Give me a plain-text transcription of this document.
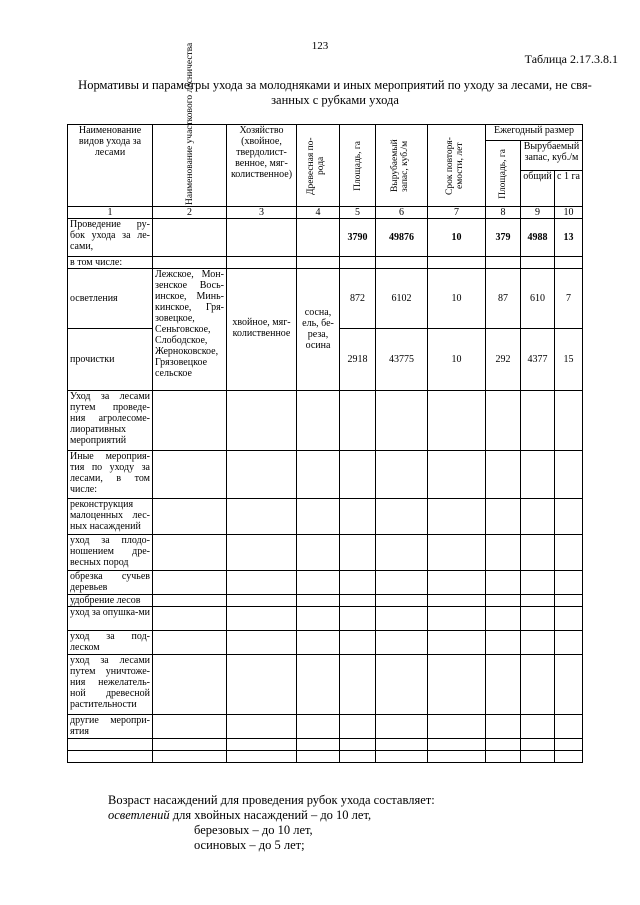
123
Таблица 2.17.3.8.1
Нормативы и параметры ухода за молодняками и иных мероприятий по уходу за лесами, не свя-
занных с рубками ухода
Наименование видов ухода за лесами	Наименование участкового лесничества	Хозяйство (хвойное, твердолист-венное, мяг-колиственное)	Древесная по-рода	Площадь, га	Вырубаемый запас, куб./м	Срок повторя-емости, лет	Ежегодный размер		

							Площадь, га	Вырубаемый запас, куб./м	
								общий	с 1 га
1	2	3	4	5	6	7	8	9	10
Проведение ру-бок ухода за ле-сами,				3790	49876	10	379	4988	13
в том числе:									
осветления	Лежское, Мон-зенское Вось-инское, Минь-кинское, Гря-зовецкое, Сеньговское, Слободское, Жерноковское, Грязовецкое сельское	хвойное, мяг-колиственное	сосна, ель, бе-реза, осина	872	6102	10	87	610	7
прочистки				2918	43775	10	292	4377	15
Уход за лесами путем проведе-ния агролесоме-лиоративных мероприятий									
Иные мероприя-тия по уходу за лесами, в том числе:									
реконструкция малоценных лес-ных насаждений									
уход за плодо-ношением дре-весных пород									
обрезка сучьев деревьев									
удобрение лесов									
уход за опушка-ми									
уход за под-леском									
уход за лесами путем уничтоже-ния нежелатель-ной древесной растительности									
другие меропри-ятия									

Возраст насаждений для проведения рубок ухода составляет:
осветлений для хвойных насаждений – до 10 лет,
березовых – до 10 лет,
осиновых – до 5 лет;
